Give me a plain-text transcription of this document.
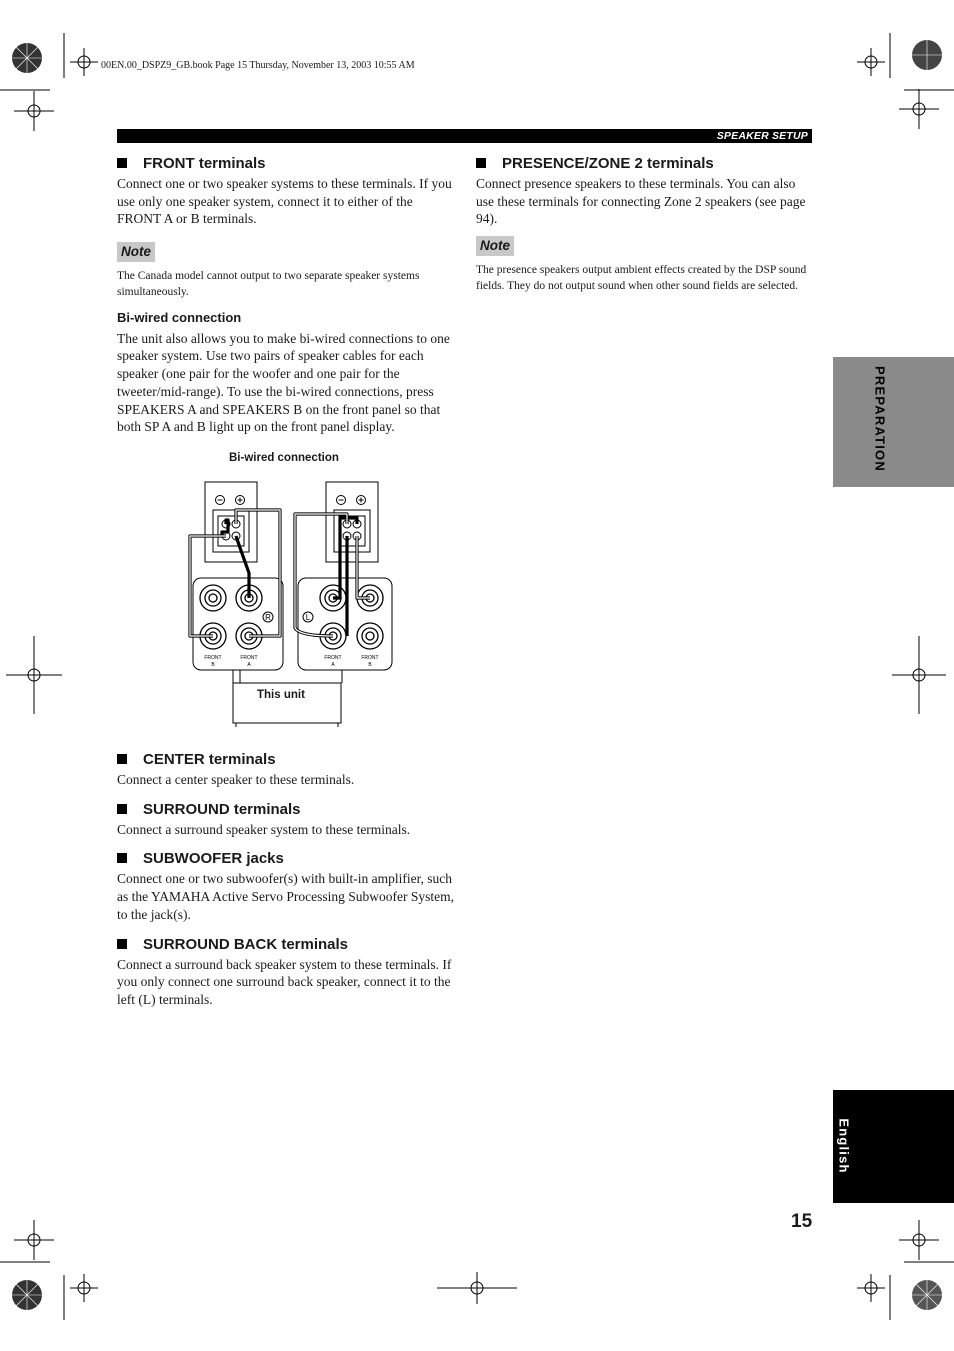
00EN.00_DSPZ9_GB.book Page 15 Thursday, November 13, 2003 10:55 AM
SPEAKER SETUP

FRONT terminals

Connect one or two speaker systems to these terminals. If you use only one speaker system, connect it to either of the FRONT A or B terminals.

Note

The Canada model cannot output to two separate speaker systems simultaneously.

Bi-wired connection

The unit also allows you to make bi-wired connections to one speaker system. Use two pairs of speaker cables for each speaker (one pair for the woofer and one pair for the tweeter/mid-range). To use the bi-wired connections, press SPEAKERS A and SPEAKERS B on the front panel so that both SP A and B light up on the front panel display.

Bi-wired connection
R	L
FRONT
B
FRONT
A
FRONT
A
FRONT
B
This unit

CENTER terminals

Connect a center speaker to these terminals.

SURROUND terminals

Connect a surround speaker system to these terminals.

SUBWOOFER jacks

Connect one or two subwoofer(s) with built-in amplifier, such as the YAMAHA Active Servo Processing Subwoofer System, to the jack(s).

SURROUND BACK terminals

Connect a surround back speaker system to these terminals. If you only connect one surround back speaker, connect it to the left (L) terminals.

PRESENCE/ZONE 2 terminals

Connect presence speakers to these terminals. You can also use these terminals for connecting Zone 2 speakers (see page 94).

Note

The presence speakers output ambient effects created by the DSP sound fields. They do not output sound when other sound fields are selected.

PREPARATION
English
15
